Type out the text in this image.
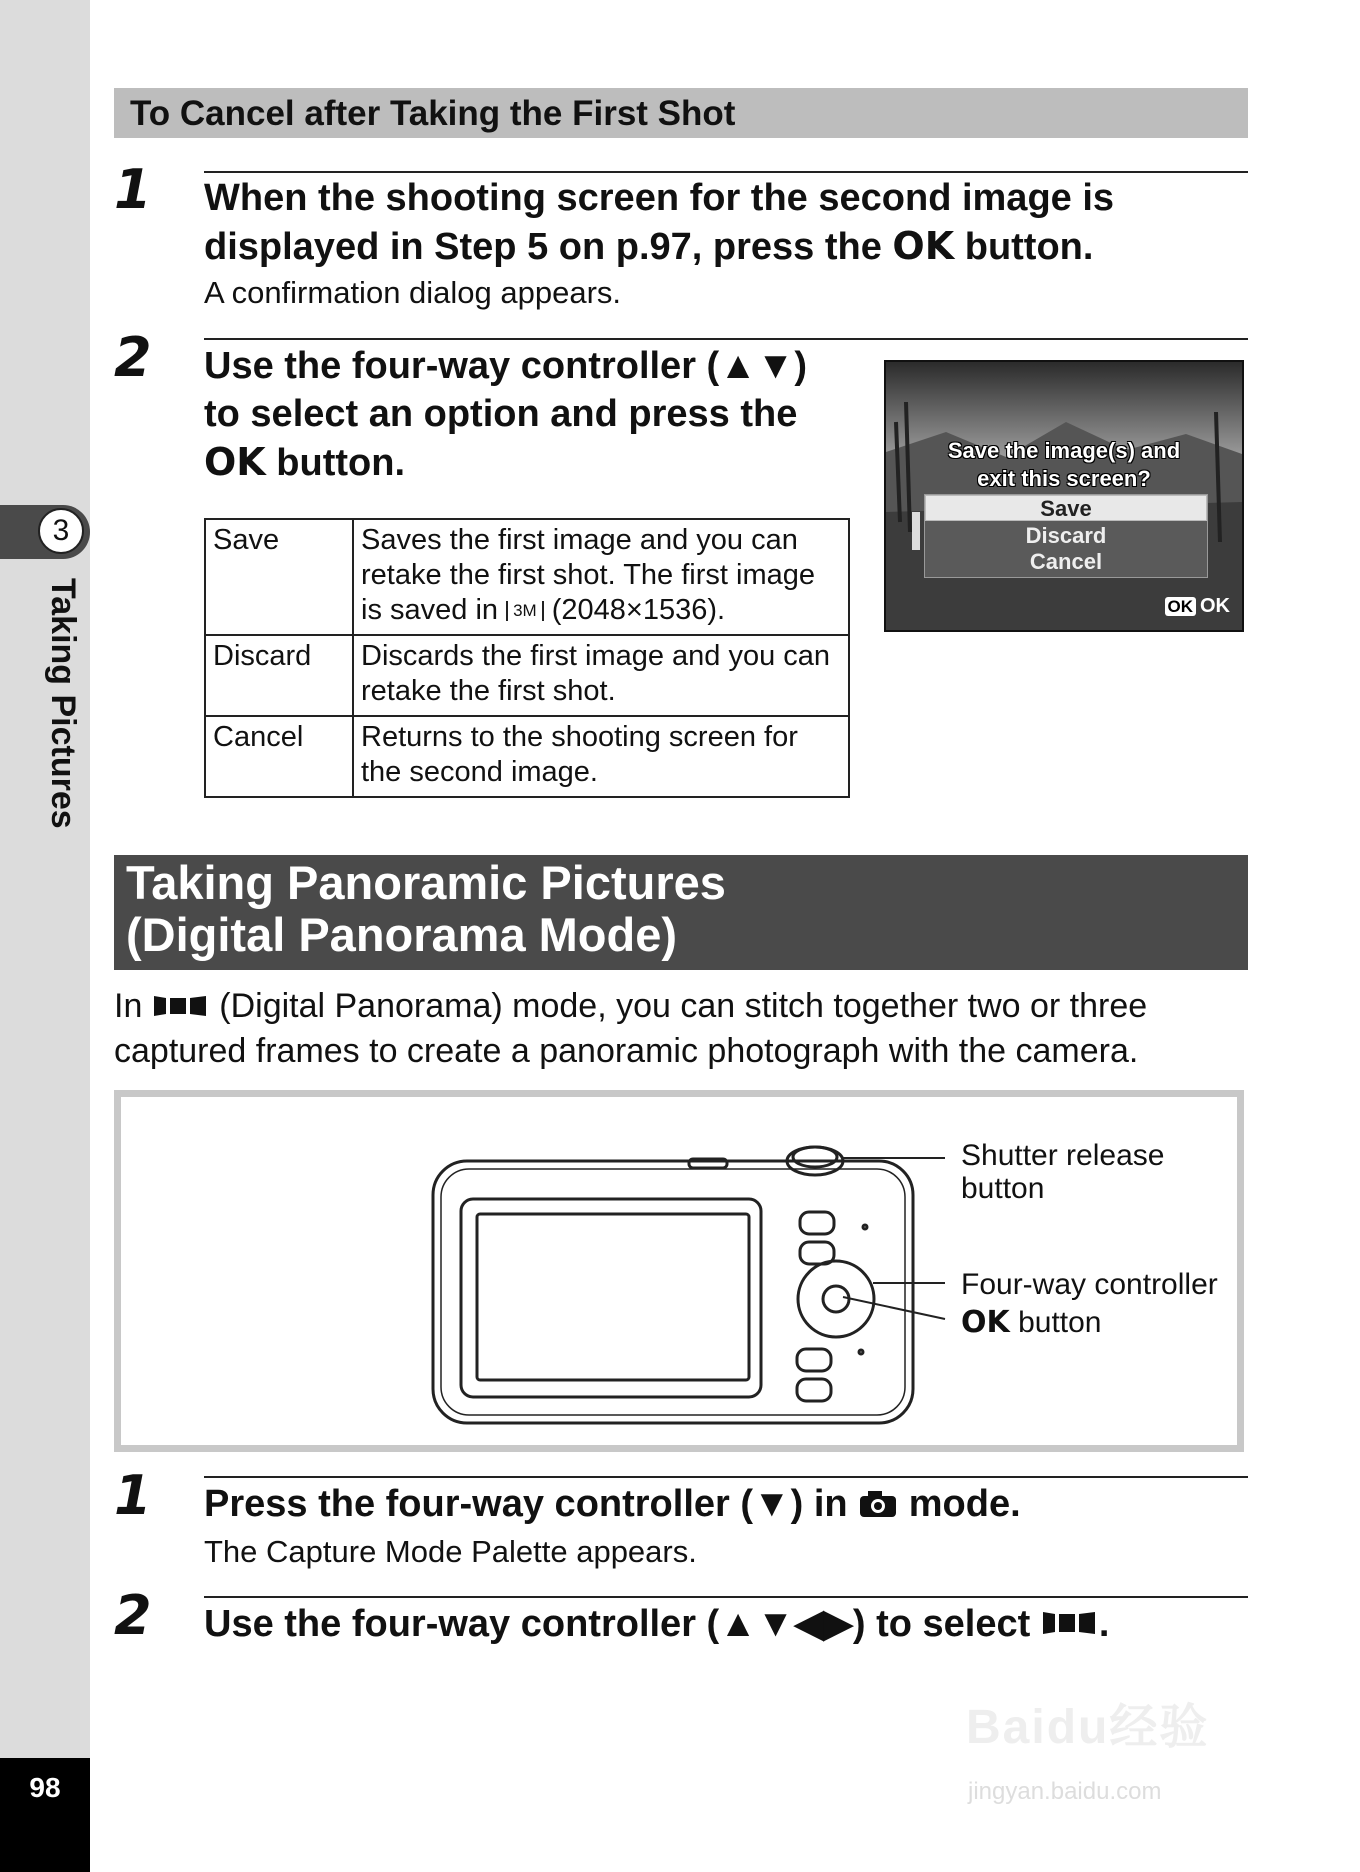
3
Taking Pictures
98
To Cancel after Taking the First Shot
1 When the shooting screen for the second image is
displayed in Step 5 on p.97, press the OK button.
A confirmation dialog appears.
2 Use the four-way controller (▲▼)
to select an option and press the
OK button.
Save	Saves the first image and you can
retake the first shot. The first image
is saved in 3M (2048×1536).

Discard	Discards the first image and you can
retake the first shot.

Cancel	Returns to the shooting screen for
the second image.
Save the image(s) and
exit this screen?
Save
Discard
Cancel
OK OK
Taking Panoramic Pictures
(Digital Panorama Mode)
In  (Digital Panorama) mode, you can stitch together two or three
captured frames to create a panoramic photograph with the camera.
Shutter release
button
Four-way controller
OK button
1 Press the four-way controller (▼) in  mode.
The Capture Mode Palette appears.
2 Use the four-way controller (▲▼◀▶) to select .
Baidu经验
jingyan.baidu.com
